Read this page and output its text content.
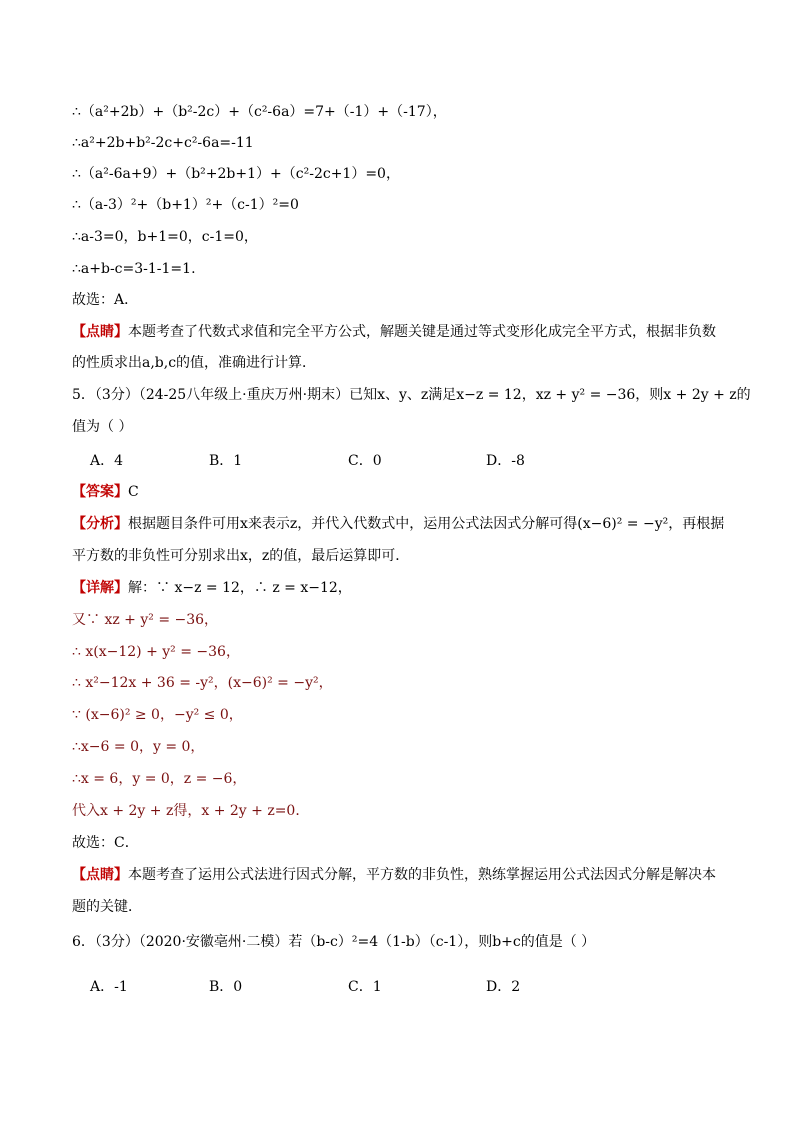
∴（a²+2b）+（b²-2c）+（c²-6a）=7+（-1）+（-17），

∴a²+2b+b²-2c+c²-6a=-11

∴（a²-6a+9）+（b²+2b+1）+（c²-2c+1）=0，

∴（a-3）²+（b+1）²+（c-1）²=0

∴a-3=0，b+1=0，c-1=0，

∴a+b-c=3-1-1=1.

故选：A．

【点睛】本题考查了代数式求值和完全平方公式，解题关键是通过等式变形化成完全平方式，根据非负数

的性质求出a,b,c的值，准确进行计算．

5．（3分）（24-25八年级上·重庆万州·期末）已知x、y、z满足x−z = 12，xz + y² = −36，则x + 2y + z的

值为（ ）

A．4	B．1	C．0	D．-8

【答案】C

【分析】根据题目条件可用x来表示z，并代入代数式中，运用公式法因式分解可得(x−6)² = −y²，再根据

平方数的非负性可分别求出x，z的值，最后运算即可．

【详解】解：∵ x−z = 12，∴ z = x−12，

又∵ xz + y² = −36，

∴ x(x−12) + y² = −36，

∴ x²−12x + 36 = -y²，(x−6)² = −y²，

∵ (x−6)² ≥ 0，−y² ≤ 0，

∴x−6 = 0，y = 0，

∴x = 6，y = 0，z = −6，

代入x + 2y + z得，x + 2y + z=0．

故选：C．

【点睛】本题考查了运用公式法进行因式分解，平方数的非负性，熟练掌握运用公式法因式分解是解决本

题的关键．

6．（3分）（2020·安徽亳州·二模）若（b-c）²=4（1-b）（c-1），则b+c的值是（ ）

A．-1	B．0	C．1	D．2
